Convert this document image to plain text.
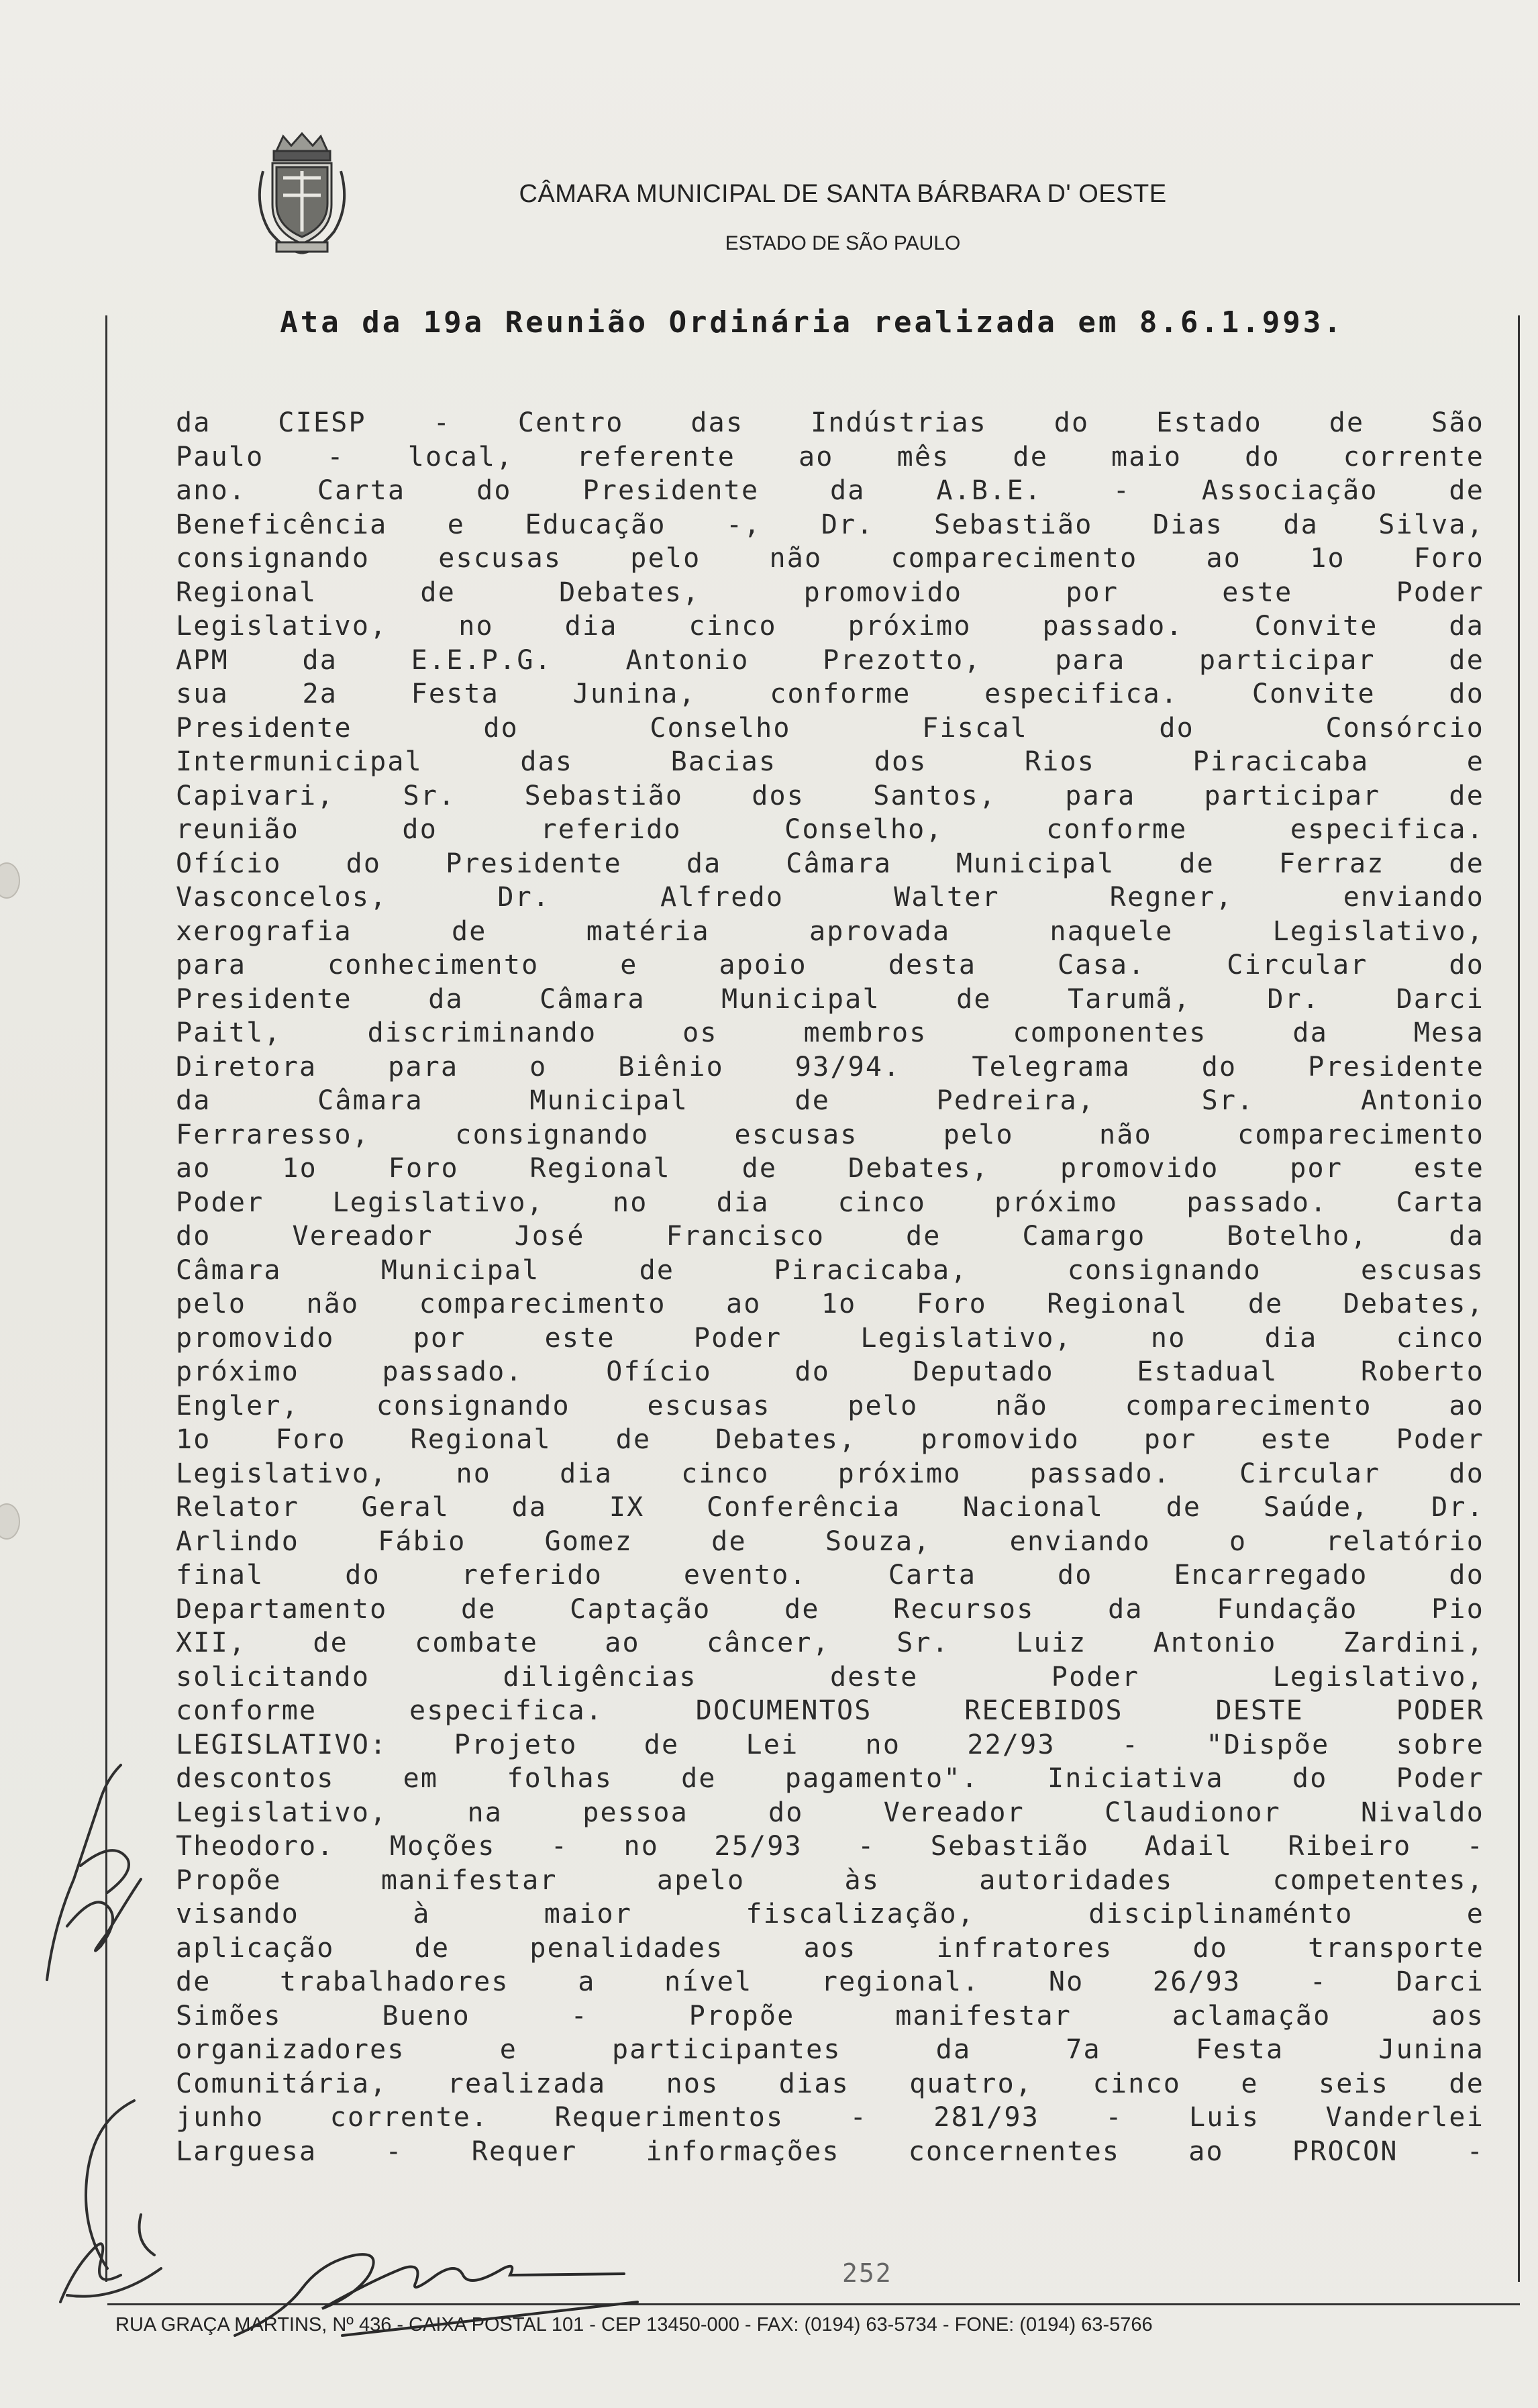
CÂMARA MUNICIPAL DE SANTA BÁRBARA D' OESTE
ESTADO DE SÃO PAULO
Ata da 19a Reunião Ordinária realizada em 8.6.1.993.
da CIESP - Centro das Indústrias do Estado de São
Paulo - local, referente ao mês de maio do corrente
ano. Carta do Presidente da A.B.E. - Associação de
Beneficência e Educação -, Dr. Sebastião Dias da Silva,
consignando escusas pelo não comparecimento ao 1o Foro
Regional de Debates, promovido por este Poder
Legislativo, no dia cinco próximo passado. Convite da
APM da E.E.P.G. Antonio Prezotto, para participar de
sua 2a Festa Junina, conforme especifica. Convite do
Presidente do Conselho Fiscal do Consórcio
Intermunicipal das Bacias dos Rios Piracicaba e
Capivari, Sr. Sebastião dos Santos, para participar de
reunião do referido Conselho, conforme especifica.
Ofício do Presidente da Câmara Municipal de Ferraz de
Vasconcelos, Dr. Alfredo Walter Regner, enviando
xerografia de matéria aprovada naquele Legislativo,
para conhecimento e apoio desta Casa. Circular do
Presidente da Câmara Municipal de Tarumã, Dr. Darci
Paitl, discriminando os membros componentes da Mesa
Diretora para o Biênio 93/94. Telegrama do Presidente
da Câmara Municipal de Pedreira, Sr. Antonio
Ferraresso, consignando escusas pelo não comparecimento
ao 1o Foro Regional de Debates, promovido por este
Poder Legislativo, no dia cinco próximo passado. Carta
do Vereador José Francisco de Camargo Botelho, da
Câmara Municipal de Piracicaba, consignando escusas
pelo não comparecimento ao 1o Foro Regional de Debates,
promovido por este Poder Legislativo, no dia cinco
próximo passado. Ofício do Deputado Estadual Roberto
Engler, consignando escusas pelo não comparecimento ao
1o Foro Regional de Debates, promovido por este Poder
Legislativo, no dia cinco próximo passado. Circular do
Relator Geral da IX Conferência Nacional de Saúde, Dr.
Arlindo Fábio Gomez de Souza, enviando o relatório
final do referido evento. Carta do Encarregado do
Departamento de Captação de Recursos da Fundação Pio
XII, de combate ao câncer, Sr. Luiz Antonio Zardini,
solicitando diligências deste Poder Legislativo,
conforme especifica. DOCUMENTOS RECEBIDOS DESTE PODER
LEGISLATIVO: Projeto de Lei no 22/93 - "Dispõe sobre
descontos em folhas de pagamento". Iniciativa do Poder
Legislativo, na pessoa do Vereador Claudionor Nivaldo
Theodoro. Moções - no 25/93 - Sebastião Adail Ribeiro -
Propõe manifestar apelo às autoridades competentes,
visando à maior fiscalização, disciplinaménto e
aplicação de penalidades aos infratores do transporte
de trabalhadores a nível regional. No 26/93 - Darci
Simões Bueno - Propõe manifestar aclamação aos
organizadores e participantes da 7a Festa Junina
Comunitária, realizada nos dias quatro, cinco e seis de
junho corrente. Requerimentos - 281/93 - Luis Vanderlei
Larguesa - Requer informações concernentes ao PROCON -
252
RUA GRAÇA MARTINS, Nº 436 - CAIXA POSTAL 101 - CEP 13450-000 - FAX: (0194) 63-5734 - FONE: (0194) 63-5766
